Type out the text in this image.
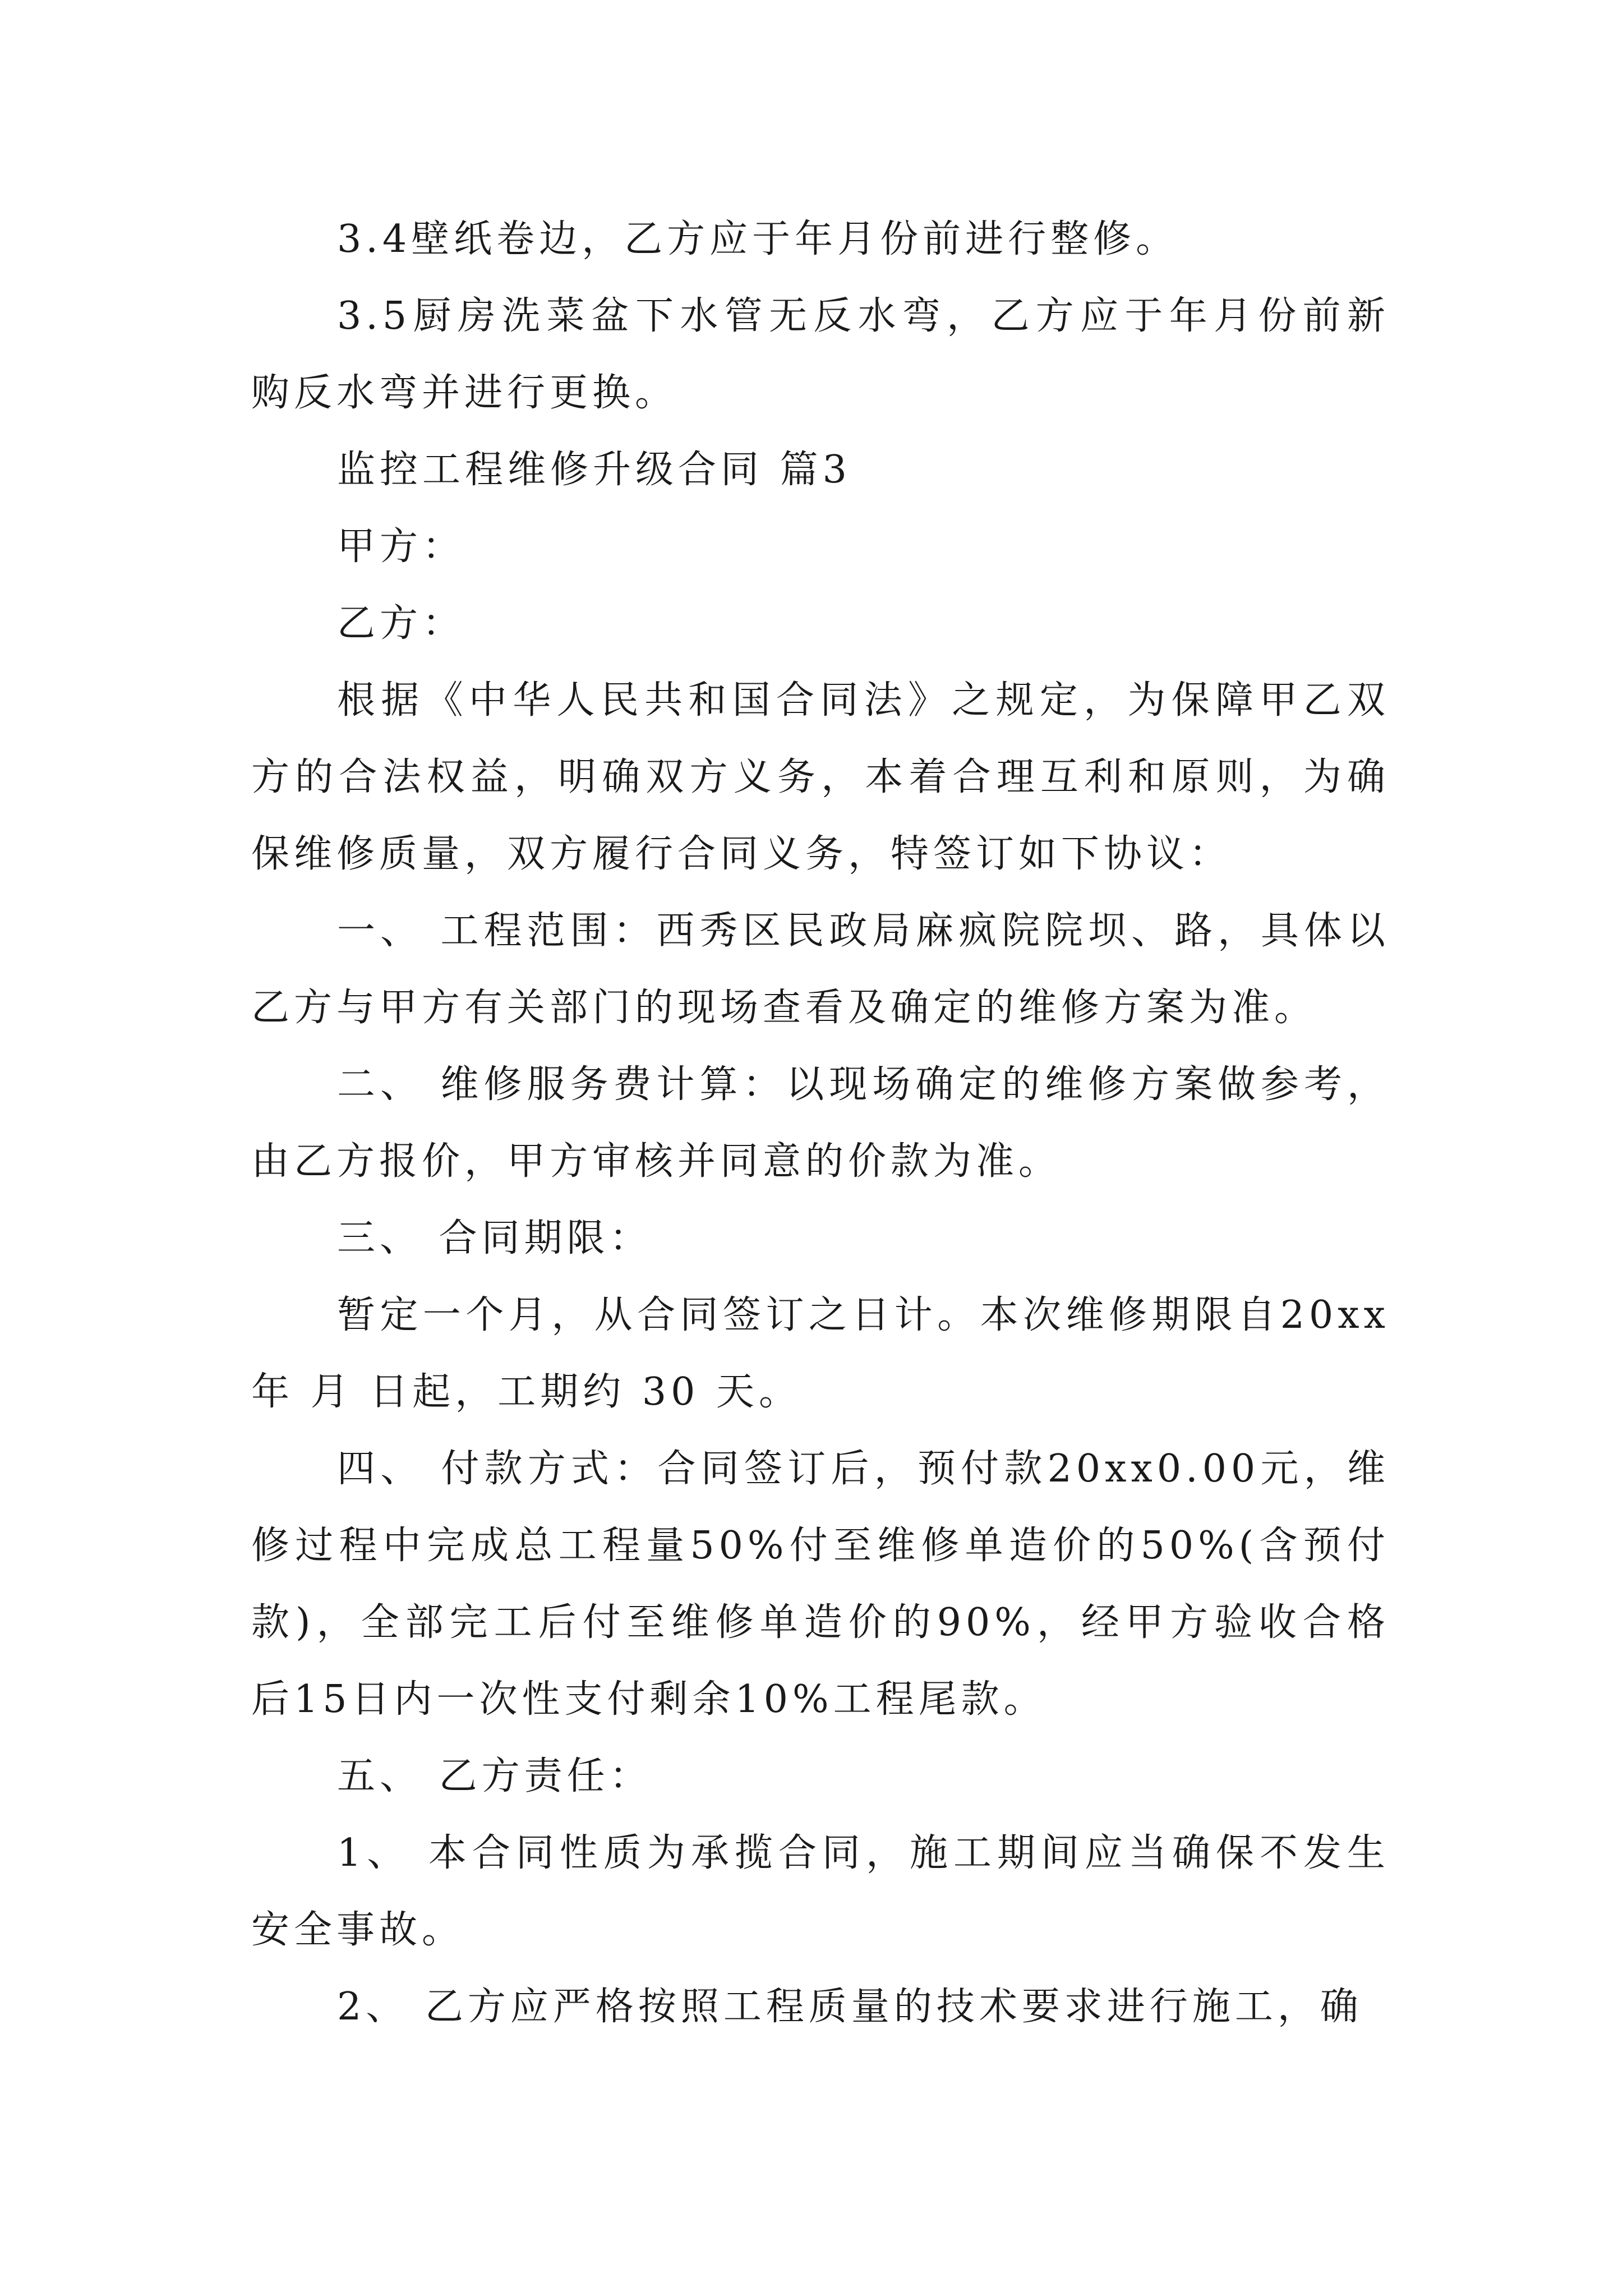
3.4壁纸卷边，乙方应于年月份前进行整修。

3.5厨房洗菜盆下水管无反水弯，乙方应于年月份前新购反水弯并进行更换。

监控工程维修升级合同 篇3

甲方：

乙方：

根据《中华人民共和国合同法》之规定，为保障甲乙双方的合法权益，明确双方义务，本着合理互利和原则，为确保维修质量，双方履行合同义务，特签订如下协议：

一、 工程范围：西秀区民政局麻疯院院坝、路，具体以乙方与甲方有关部门的现场查看及确定的维修方案为准。

二、 维修服务费计算：以现场确定的维修方案做参考，由乙方报价，甲方审核并同意的价款为准。

三、 合同期限：

暂定一个月，从合同签订之日计。本次维修期限自20xx年 月 日起，工期约 30 天。

四、 付款方式：合同签订后，预付款20xx0.00元，维修过程中完成总工程量50%付至维修单造价的50%(含预付款)，全部完工后付至维修单造价的90%，经甲方验收合格后15日内一次性支付剩余10%工程尾款。

五、 乙方责任：

1、 本合同性质为承揽合同，施工期间应当确保不发生安全事故。

2、 乙方应严格按照工程质量的技术要求进行施工，确
